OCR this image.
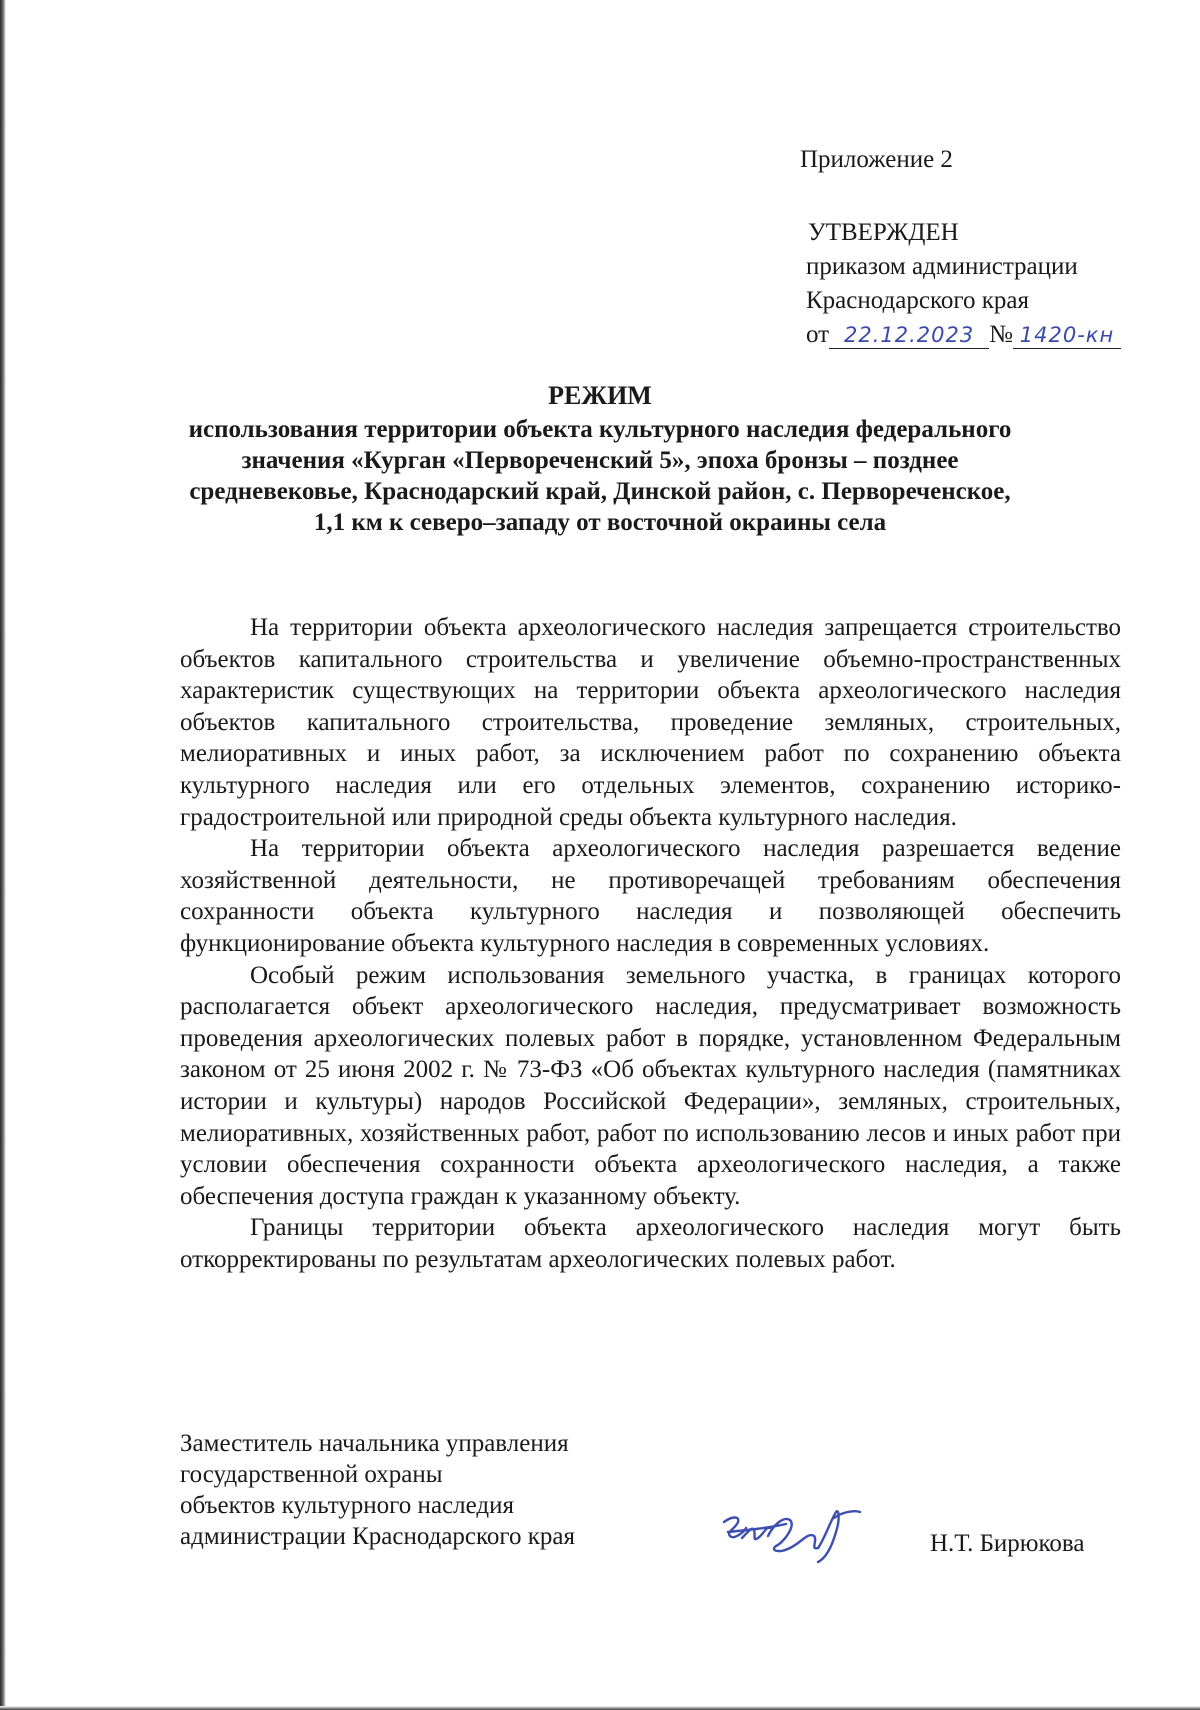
Приложение 2
УТВЕРЖДЕН
приказом администрации
Краснодарского края
от 22.12.2023 № 1420-кн
РЕЖИМ
использования территории объекта культурного наследия федерального
значения «Курган «Первореченский 5», эпоха бронзы – позднее
средневековье, Краснодарский край, Динской район, с. Первореченское,
1,1 км к северо–западу от восточной окраины села

На территории объекта археологического наследия запрещается строительство объектов капитального строительства и увеличение объемно-пространственных характеристик существующих на территории объекта археологического наследия объектов капитального строительства, проведение земляных, строительных, мелиоративных и иных работ, за исключением работ по сохранению объекта культурного наследия или его отдельных элементов, сохранению историко-градостроительной или природной среды объекта культурного наследия.

На территории объекта археологического наследия разрешается ведение хозяйственной деятельности, не противоречащей требованиям обеспечения сохранности объекта культурного наследия и позволяющей обеспечить функционирование объекта культурного наследия в современных условиях.

Особый режим использования земельного участка, в границах которого располагается объект археологического наследия, предусматривает возможность проведения археологических полевых работ в порядке, установленном Федеральным законом от 25 июня 2002 г. № 73-ФЗ «Об объектах культурного наследия (памятниках истории и культуры) народов Российской Федерации», земляных, строительных, мелиоративных, хозяйственных работ, работ по использованию лесов и иных работ при условии обеспечения сохранности объекта археологического наследия, а также обеспечения доступа граждан к указанному объекту.

Границы территории объекта археологического наследия могут быть откорректированы по результатам археологических полевых работ.

Заместитель начальника управления
государственной охраны
объектов культурного наследия
администрации Краснодарского края	Н.Т. Бирюкова
